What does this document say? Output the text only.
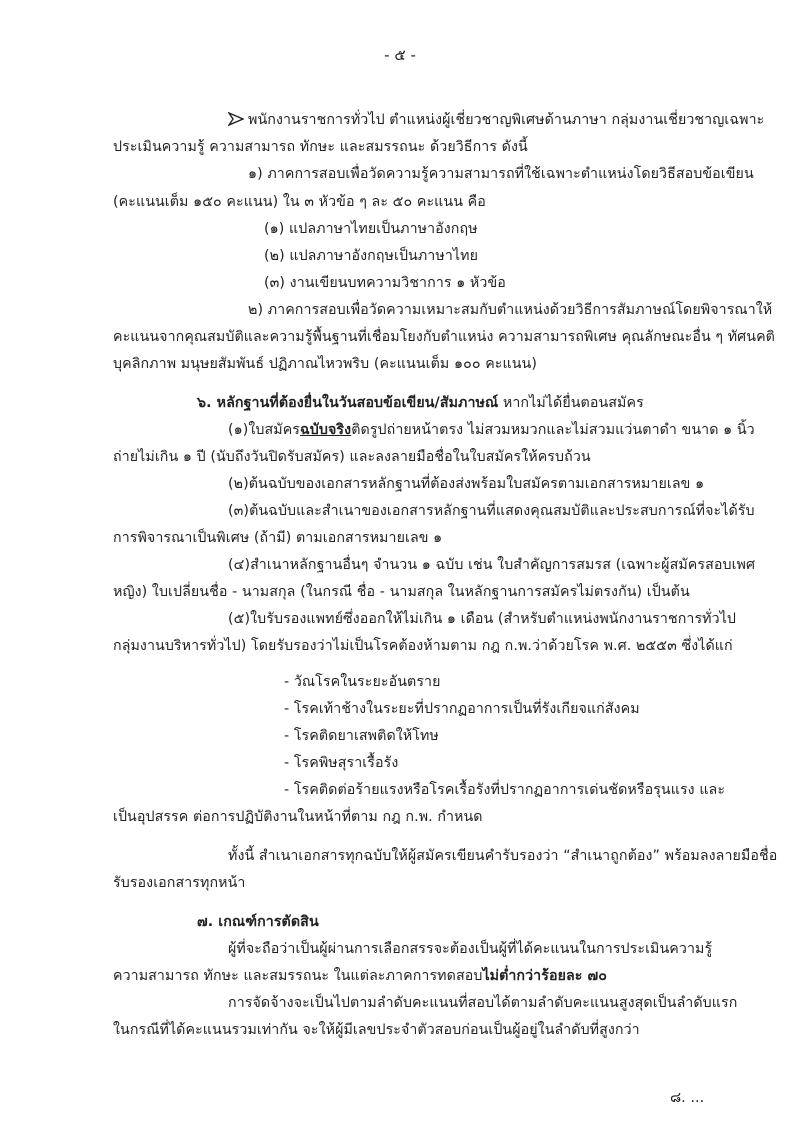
- ๕ -
พนักงานราชการทั่วไป ตำแหน่งผู้เชี่ยวชาญพิเศษด้านภาษา กลุ่มงานเชี่ยวชาญเฉพาะ
ประเมินความรู้ ความสามารถ ทักษะ และสมรรถนะ ด้วยวิธีการ ดังนี้
๑) ภาคการสอบเพื่อวัดความรู้ความสามารถที่ใช้เฉพาะตำแหน่งโดยวิธีสอบข้อเขียน
(คะแนนเต็ม ๑๕๐ คะแนน) ใน ๓ หัวข้อ ๆ ละ ๕๐ คะแนน คือ
(๑) แปลภาษาไทยเป็นภาษาอังกฤษ
(๒) แปลภาษาอังกฤษเป็นภาษาไทย
(๓) งานเขียนบทความวิชาการ ๑ หัวข้อ
๒) ภาคการสอบเพื่อวัดความเหมาะสมกับตำแหน่งด้วยวิธีการสัมภาษณ์โดยพิจารณาให้
คะแนนจากคุณสมบัติและความรู้พื้นฐานที่เชื่อมโยงกับตำแหน่ง ความสามารถพิเศษ คุณลักษณะอื่น ๆ ทัศนคติ
บุคลิกภาพ มนุษยสัมพันธ์ ปฏิภาณไหวพริบ (คะแนนเต็ม ๑๐๐ คะแนน)
๖. หลักฐานที่ต้องยื่นในวันสอบข้อเขียน/สัมภาษณ์ หากไม่ได้ยื่นตอนสมัคร
(๑)ใบสมัครฉบับจริงติดรูปถ่ายหน้าตรง ไม่สวมหมวกและไม่สวมแว่นตาดำ ขนาด ๑ นิ้ว
ถ่ายไม่เกิน ๑ ปี (นับถึงวันปิดรับสมัคร) และลงลายมือชื่อในใบสมัครให้ครบถ้วน
(๒)ต้นฉบับของเอกสารหลักฐานที่ต้องส่งพร้อมใบสมัครตามเอกสารหมายเลข ๑
(๓)ต้นฉบับและสำเนาของเอกสารหลักฐานที่แสดงคุณสมบัติและประสบการณ์ที่จะได้รับ
การพิจารณาเป็นพิเศษ (ถ้ามี) ตามเอกสารหมายเลข ๑
(๔)สำเนาหลักฐานอื่นๆ จำนวน ๑ ฉบับ เช่น ใบสำคัญการสมรส (เฉพาะผู้สมัครสอบเพศ
หญิง) ใบเปลี่ยนชื่อ - นามสกุล (ในกรณี ชื่อ - นามสกุล ในหลักฐานการสมัครไม่ตรงกัน) เป็นต้น
(๕)ใบรับรองแพทย์ซึ่งออกให้ไม่เกิน ๑ เดือน (สำหรับตำแหน่งพนักงานราชการทั่วไป
กลุ่มงานบริหารทั่วไป) โดยรับรองว่าไม่เป็นโรคต้องห้ามตาม กฎ ก.พ.ว่าด้วยโรค พ.ศ. ๒๕๕๓ ซึ่งได้แก่
- วัณโรคในระยะอันตราย
- โรคเท้าช้างในระยะที่ปรากฏอาการเป็นที่รังเกียจแก่สังคม
- โรคติดยาเสพติดให้โทษ
- โรคพิษสุราเรื้อรัง
- โรคติดต่อร้ายแรงหรือโรคเรื้อรังที่ปรากฏอาการเด่นชัดหรือรุนแรง และ
เป็นอุปสรรค ต่อการปฏิบัติงานในหน้าที่ตาม กฎ ก.พ. กำหนด
ทั้งนี้ สำเนาเอกสารทุกฉบับให้ผู้สมัครเขียนคำรับรองว่า “สำเนาถูกต้อง” พร้อมลงลายมือชื่อ
รับรองเอกสารทุกหน้า
๗. เกณฑ์การตัดสิน
ผู้ที่จะถือว่าเป็นผู้ผ่านการเลือกสรรจะต้องเป็นผู้ที่ได้คะแนนในการประเมินความรู้
ความสามารถ ทักษะ และสมรรถนะ ในแต่ละภาคการทดสอบไม่ต่ำกว่าร้อยละ ๗๐
การจัดจ้างจะเป็นไปตามลำดับคะแนนที่สอบได้ตามลำดับคะแนนสูงสุดเป็นลำดับแรก
ในกรณีที่ได้คะแนนรวมเท่ากัน จะให้ผู้มีเลขประจำตัวสอบก่อนเป็นผู้อยู่ในลำดับที่สูงกว่า
๘. ...
